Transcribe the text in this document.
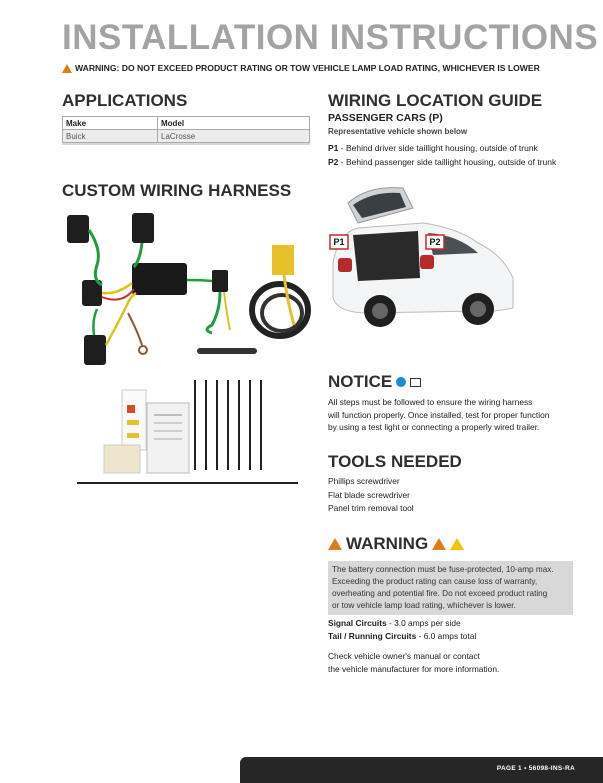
INSTALLATION INSTRUCTIONS
WARNING: DO NOT EXCEED PRODUCT RATING OR TOW VEHICLE LAMP LOAD RATING, WHICHEVER IS LOWER
APPLICATIONS
Make	Model
Buick	LaCrosse
CUSTOM WIRING HARNESS
WIRING LOCATION GUIDE
PASSENGER CARS (P)
Representative vehicle shown below
P1 - Behind driver side taillight housing, outside of trunk
P2 - Behind passenger side taillight housing, outside of trunk
P1	P2
NOTICE
All steps must be followed to ensure the wiring harness
will function properly. Once installed, test for proper function
by using a test light or connecting a properly wired trailer.
TOOLS NEEDED
Phillips screwdriver
Flat blade screwdriver
Panel trim removal tool
WARNING
The battery connection must be fuse-protected, 10-amp max.
Exceeding the product rating can cause loss of warranty,
overheating and potential fire. Do not exceed product rating
or tow vehicle lamp load rating, whichever is lower.
Signal Circuits - 3.0 amps per side
Tail / Running Circuits - 6.0 amps total
Check vehicle owner's manual or contact
the vehicle manufacturer for more information.
PAGE 1 • 56098-INS-RA
